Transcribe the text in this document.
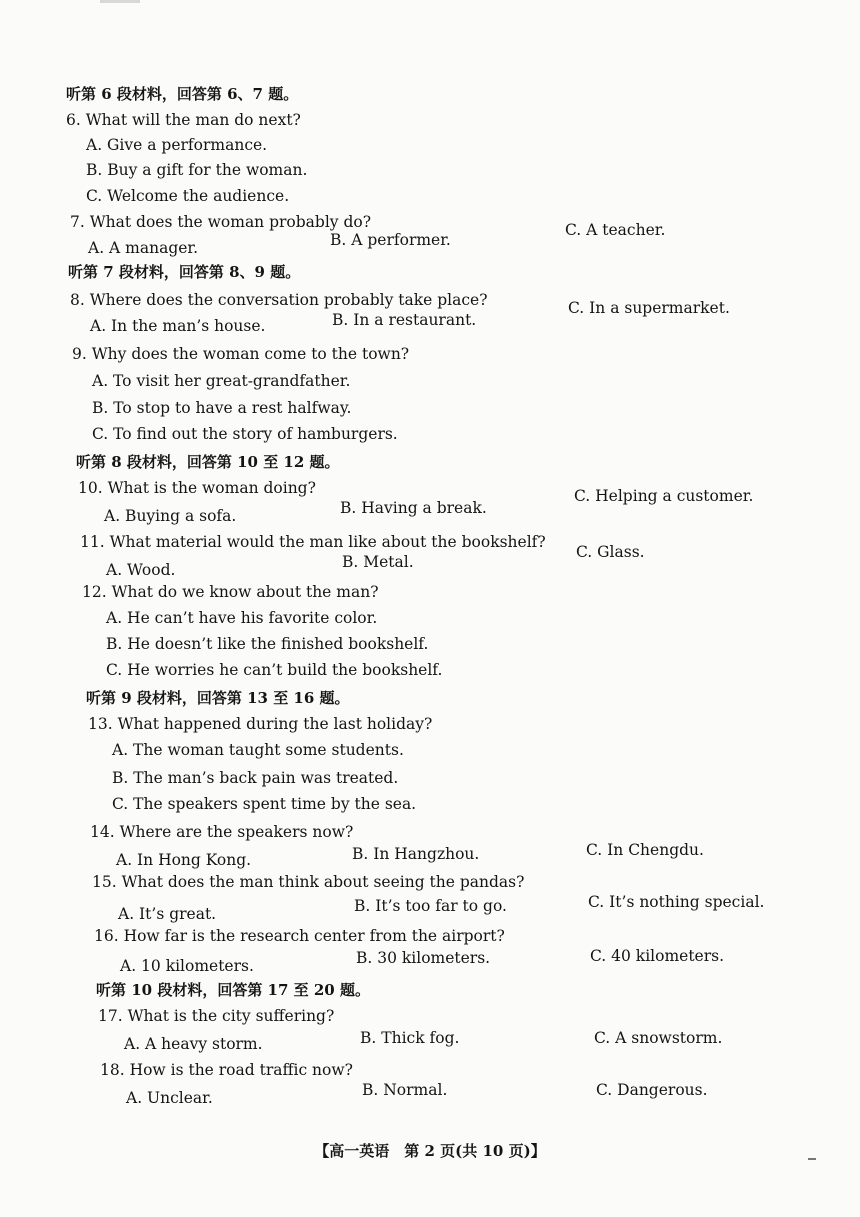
听第 6 段材料，回答第 6、7 题。
6. What will the man do next?
A. Give a performance.
B. Buy a gift for the woman.
C. Welcome the audience.
7. What does the woman probably do?
A. A manager.	B. A performer.
C. A teacher.
听第 7 段材料，回答第 8、9 题。
8. Where does the conversation probably take place?
A. In the man’s house.	B. In a restaurant.
C. In a supermarket.
9. Why does the woman come to the town?
A. To visit her great-grandfather.
B. To stop to have a rest halfway.
C. To find out the story of hamburgers.
听第 8 段材料，回答第 10 至 12 题。
10. What is the woman doing?
A. Buying a sofa.	B. Having a break.
C. Helping a customer.
11. What material would the man like about the bookshelf?
A. Wood.	B. Metal.
C. Glass.
12. What do we know about the man?
A. He can’t have his favorite color.
B. He doesn’t like the finished bookshelf.
C. He worries he can’t build the bookshelf.
听第 9 段材料，回答第 13 至 16 题。
13. What happened during the last holiday?
A. The woman taught some students.
B. The man’s back pain was treated.
C. The speakers spent time by the sea.
14. Where are the speakers now?
A. In Hong Kong.	B. In Hangzhou.	C. In Chengdu.
15. What does the man think about seeing the pandas?
A. It’s great.	B. It’s too far to go.	C. It’s nothing special.
16. How far is the research center from the airport?
A. 10 kilometers.	B. 30 kilometers.	C. 40 kilometers.
听第 10 段材料，回答第 17 至 20 题。
17. What is the city suffering?
A. A heavy storm.	B. Thick fog.	C. A snowstorm.
18. How is the road traffic now?
A. Unclear.	B. Normal.	C. Dangerous.
【高一英语　第 2 页(共 10 页)】
